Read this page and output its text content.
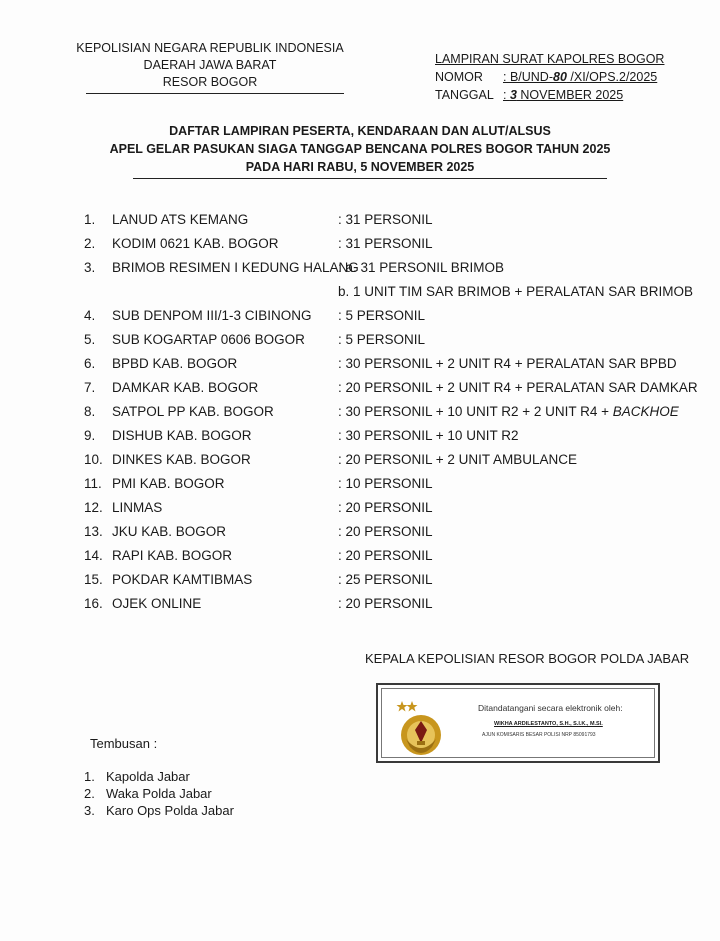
KEPOLISIAN NEGARA REPUBLIK INDONESIA
DAERAH JAWA BARAT
RESOR BOGOR
LAMPIRAN SURAT KAPOLRES BOGOR
NOMOR : B/UND-80 /XI/OPS.2/2025
TANGGAL : 3 NOVEMBER 2025
DAFTAR LAMPIRAN PESERTA, KENDARAAN DAN ALUT/ALSUS
APEL GELAR PASUKAN SIAGA TANGGAP BENCANA POLRES BOGOR TAHUN 2025
PADA HARI RABU, 5 NOVEMBER 2025
1.	LANUD ATS KEMANG	: 31 PERSONIL
2.	KODIM 0621 KAB. BOGOR	: 31 PERSONIL
3.	BRIMOB RESIMEN I KEDUNG HALANG
: a. 31 PERSONIL BRIMOB
b. 1 UNIT TIM SAR BRIMOB + PERALATAN SAR BRIMOB
4.	SUB DENPOM III/1-3 CIBINONG : 5 PERSONIL
5.	SUB KOGARTAP 0606 BOGOR : 5 PERSONIL
6.	BPBD KAB. BOGOR	: 30 PERSONIL + 2 UNIT R4 + PERALATAN SAR BPBD
7.	DAMKAR KAB. BOGOR	: 20 PERSONIL + 2 UNIT R4 + PERALATAN SAR DAMKAR
8.	SATPOL PP KAB. BOGOR	: 30 PERSONIL + 10 UNIT R2 + 2 UNIT R4 + BACKHOE
9.	DISHUB KAB. BOGOR	: 30 PERSONIL + 10 UNIT R2
10. DINKES KAB. BOGOR	: 20 PERSONIL + 2 UNIT AMBULANCE
11. PMI KAB. BOGOR	: 10 PERSONIL
12. LINMAS	: 20 PERSONIL
13. JKU KAB. BOGOR	: 20 PERSONIL
14. RAPI KAB. BOGOR	: 20 PERSONIL
15. POKDAR KAMTIBMAS	: 25 PERSONIL
16. OJEK ONLINE	: 20 PERSONIL
KEPALA KEPOLISIAN RESOR BOGOR POLDA JABAR
Ditandatangani secara elektronik oleh:
WIKHA ARDILESTANTO, S.H., S.I.K., M.SI.
AJUN KOMISARIS BESAR POLISI NRP 85091793
Tembusan :
1. Kapolda Jabar
2. Waka Polda Jabar
3. Karo Ops Polda Jabar
